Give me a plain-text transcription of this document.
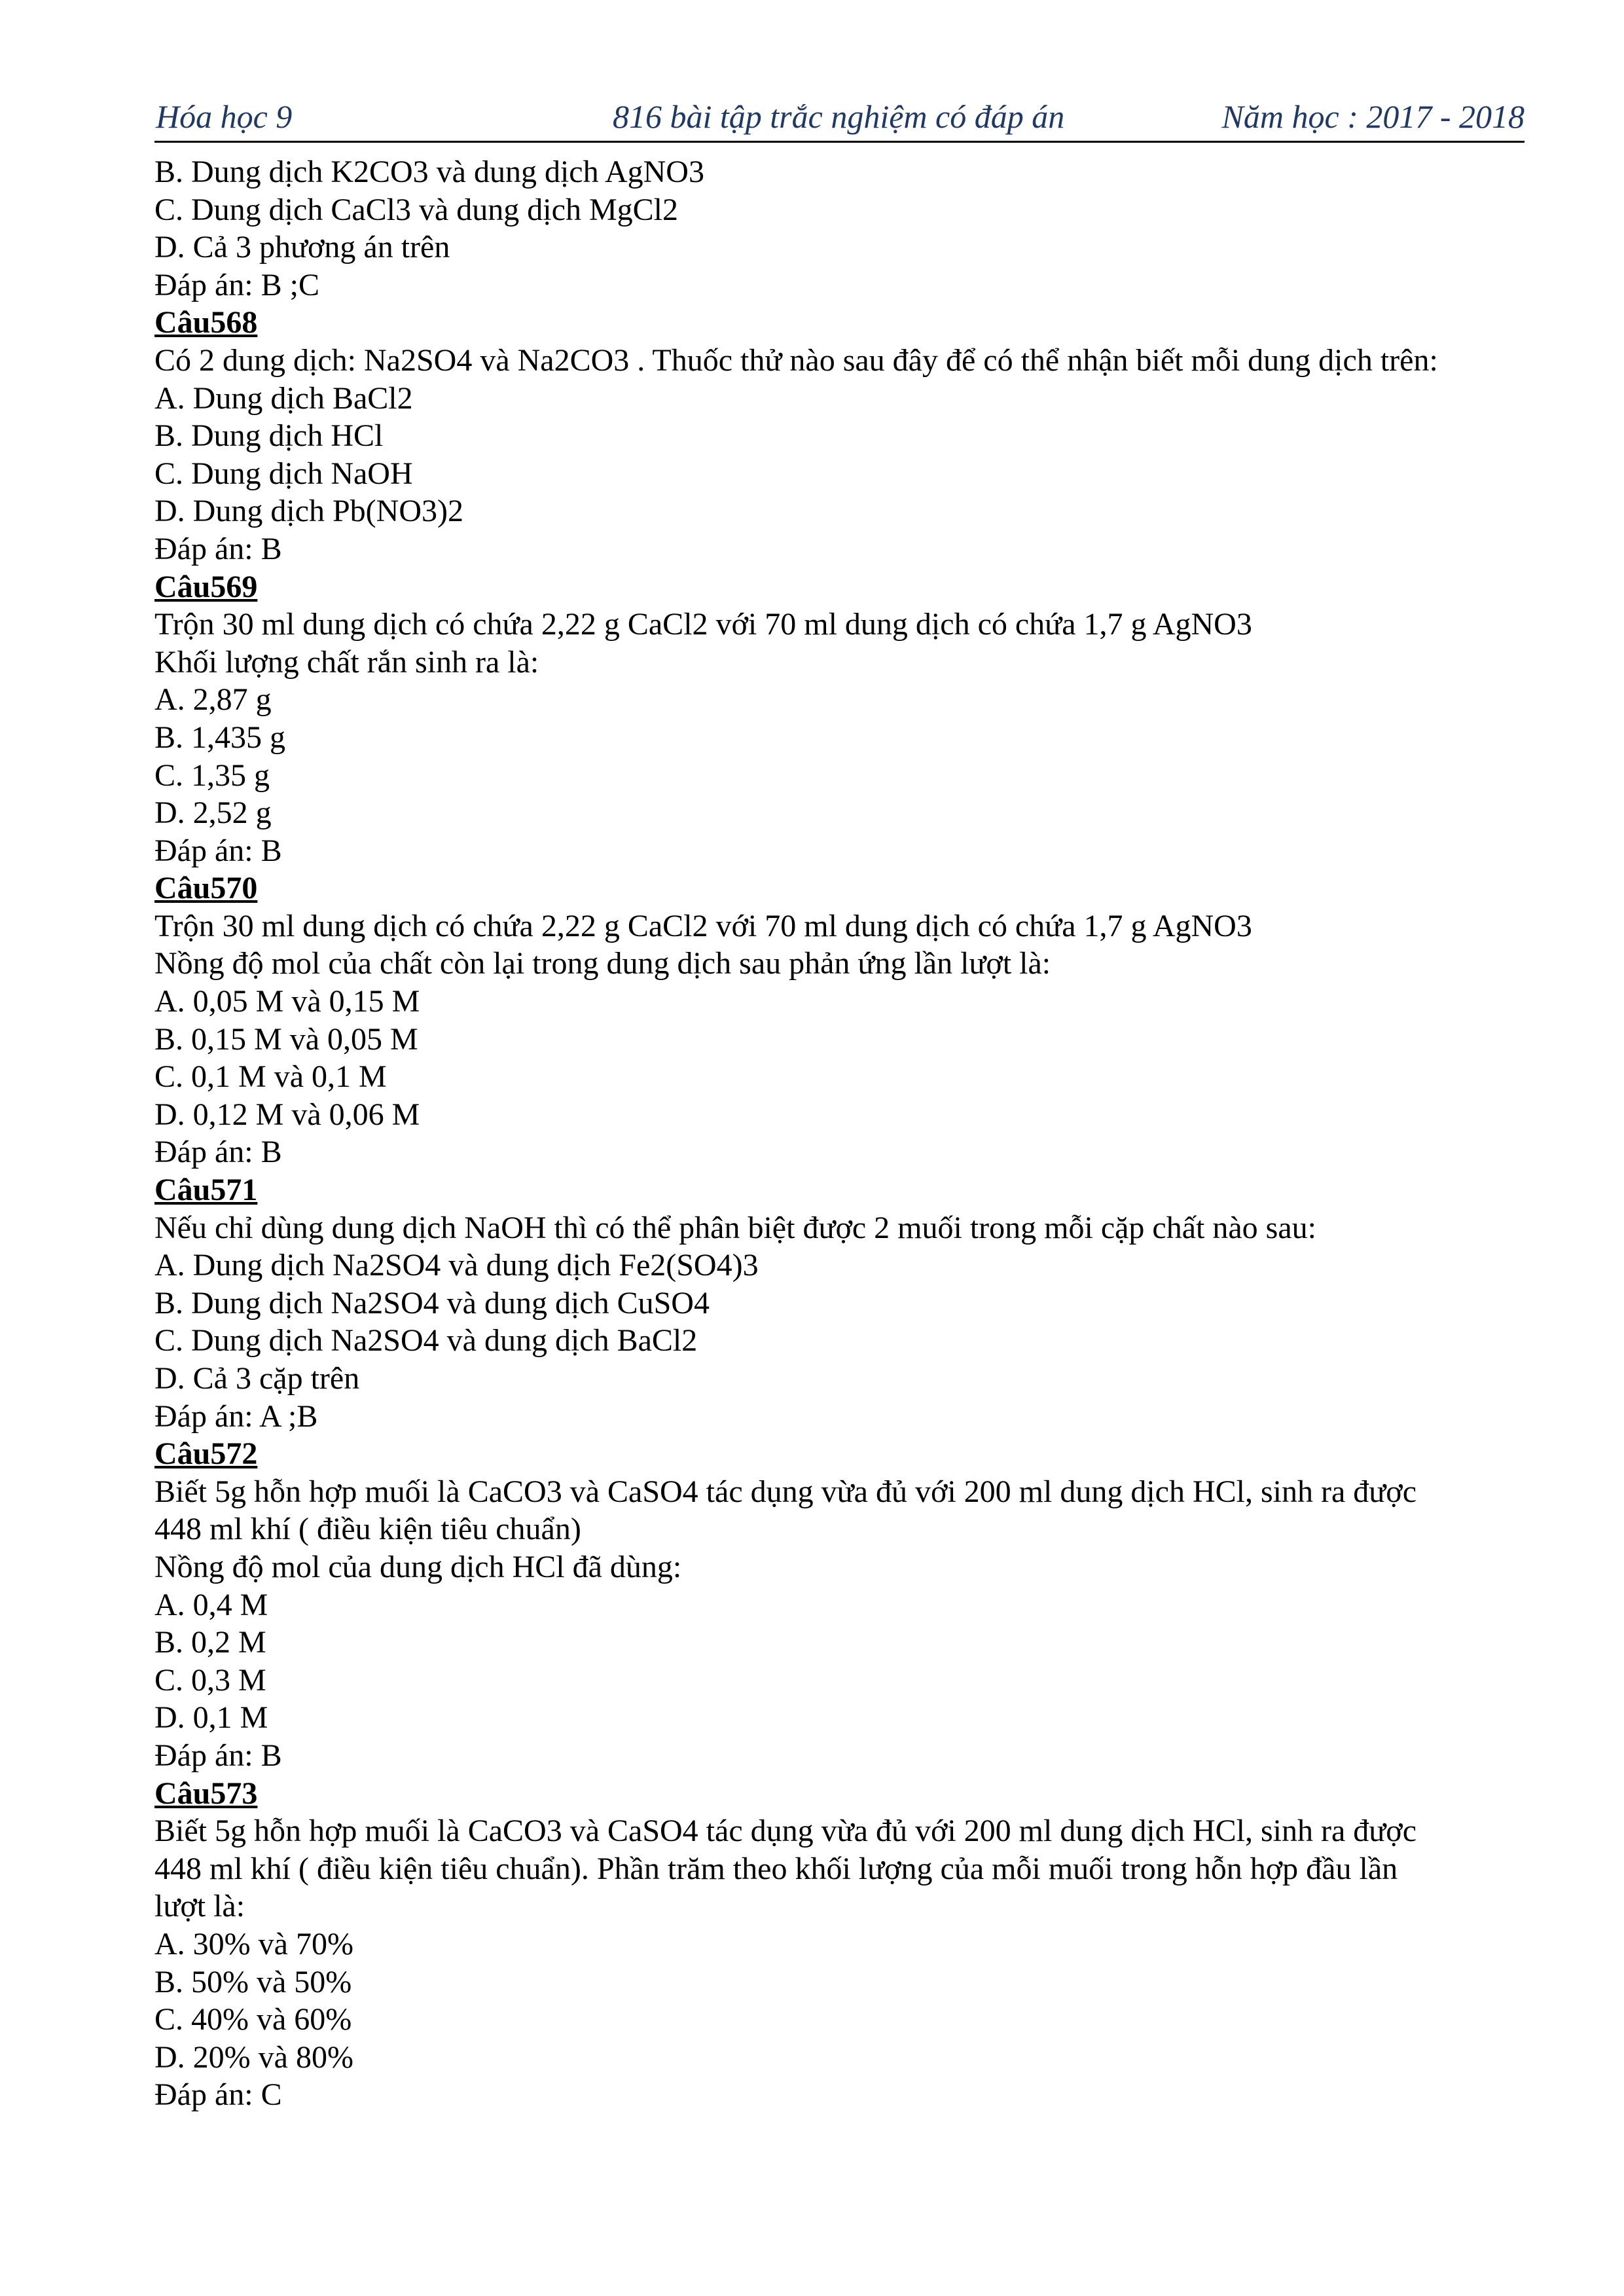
Hóa học 9	816 bài tập trắc nghiệm có đáp án	Năm học : 2017 - 2018
B. Dung dịch K2CO3 và dung dịch AgNO3
C. Dung dịch CaCl3 và dung dịch MgCl2
D. Cả 3 phương án trên
Đáp án: B ;C
Câu568
Có 2 dung dịch: Na2SO4 và Na2CO3 . Thuốc thử nào sau đây để có thể nhận biết mỗi dung dịch trên:
A. Dung dịch BaCl2
B. Dung dịch HCl
C. Dung dịch NaOH
D. Dung dịch Pb(NO3)2
Đáp án: B
Câu569
Trộn 30 ml dung dịch có chứa 2,22 g CaCl2 với 70 ml dung dịch có chứa 1,7 g AgNO3
Khối lượng chất rắn sinh ra là:
A. 2,87 g
B. 1,435 g
C. 1,35 g
D. 2,52 g
Đáp án: B
Câu570
Trộn 30 ml dung dịch có chứa 2,22 g CaCl2 với 70 ml dung dịch có chứa 1,7 g AgNO3
Nồng độ mol của chất còn lại trong dung dịch sau phản ứng lần lượt là:
A. 0,05 M và 0,15 M
B. 0,15 M và 0,05 M
C. 0,1 M và 0,1 M
D. 0,12 M và 0,06 M
Đáp án: B
Câu571
Nếu chỉ dùng dung dịch NaOH thì có thể phân biệt được 2 muối trong mỗi cặp chất nào sau:
A. Dung dịch Na2SO4 và dung dịch Fe2(SO4)3
B. Dung dịch Na2SO4 và dung dịch CuSO4
C. Dung dịch Na2SO4 và dung dịch BaCl2
D. Cả 3 cặp trên
Đáp án: A ;B
Câu572
Biết 5g hỗn hợp muối là CaCO3 và CaSO4 tác dụng vừa đủ với 200 ml dung dịch HCl, sinh ra được
448 ml khí ( điều kiện tiêu chuẩn)
Nồng độ mol của dung dịch HCl đã dùng:
A. 0,4 M
B. 0,2 M
C. 0,3 M
D. 0,1 M
Đáp án: B
Câu573
Biết 5g hỗn hợp muối là CaCO3 và CaSO4 tác dụng vừa đủ với 200 ml dung dịch HCl, sinh ra được
448 ml khí ( điều kiện tiêu chuẩn). Phần trăm theo khối lượng của mỗi muối trong hỗn hợp đầu lần
lượt là:
A. 30% và 70%
B. 50% và 50%
C. 40% và 60%
D. 20% và 80%
Đáp án: C
